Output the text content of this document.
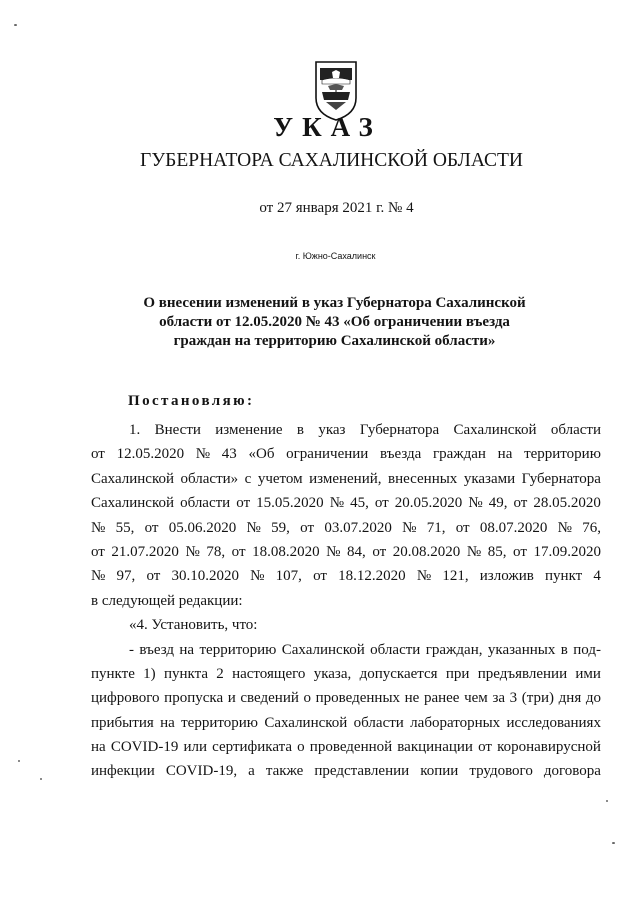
УКАЗ
ГУБЕРНАТОРА САХАЛИНСКОЙ ОБЛАСТИ
от 27 января 2021 г. № 4
г. Южно-Сахалинск
О внесении изменений в указ Губернатора Сахалинской
области от 12.05.2020 № 43 «Об ограничении въезда
граждан на территорию Сахалинской области»
Постановляю:
1. Внести изменение в указ Губернатора Сахалинской области
от 12.05.2020 № 43 «Об ограничении въезда граждан на территорию
Сахалинской области» с учетом изменений, внесенных указами Губернатора
Сахалинской области от 15.05.2020 № 45, от 20.05.2020 № 49, от 28.05.2020
№ 55, от 05.06.2020 № 59, от 03.07.2020 № 71, от 08.07.2020 № 76,
от 21.07.2020 № 78, от 18.08.2020 № 84, от 20.08.2020 № 85, от 17.09.2020
№ 97, от 30.10.2020 № 107, от 18.12.2020 № 121, изложив пункт 4
в следующей редакции:
«4. Установить, что:
- въезд на территорию Сахалинской области граждан, указанных в под-
пункте 1) пункта 2 настоящего указа, допускается при предъявлении ими
цифрового пропуска и сведений о проведенных не ранее чем за 3 (три) дня до
прибытия на территорию Сахалинской области лабораторных исследованиях
на COVID-19 или сертификата о проведенной вакцинации от коронавирусной
инфекции COVID-19, а также представлении копии трудового договора
